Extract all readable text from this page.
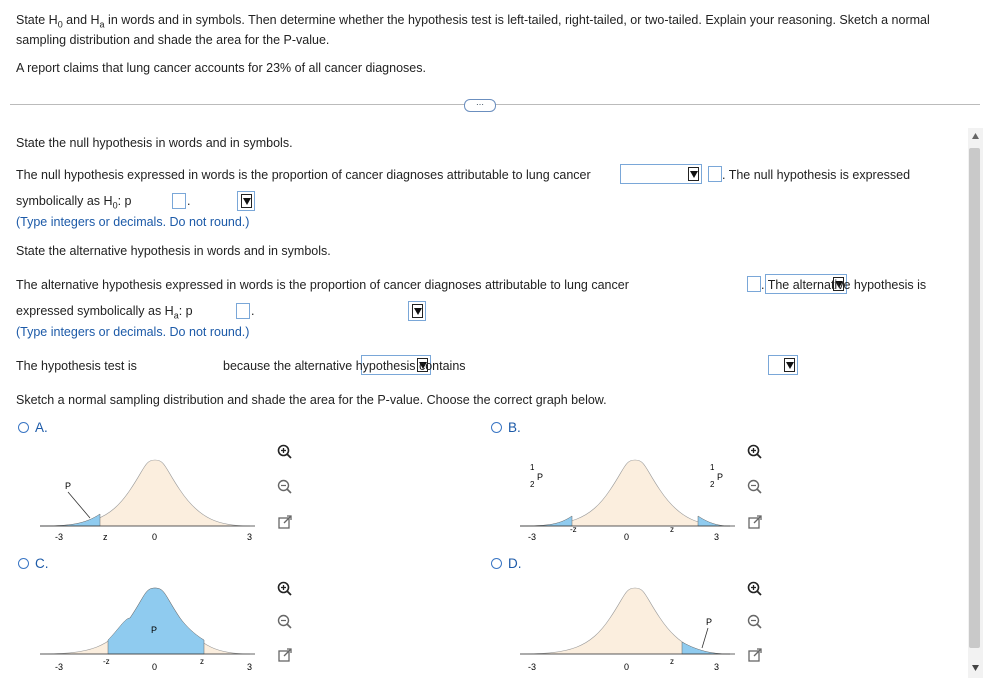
State $H_0$ and $H_a$ in words and in symbols. Then determine whether the hypothesis test is left-tailed, right-tailed, or two-tailed. Explain your reasoning. Sketch a normal
sampling distribution and shade the area for the P-value.
A report claims that lung cancer accounts for 23% of all cancer diagnoses.
⋯
State the null hypothesis in words and in symbols.
The null hypothesis expressed in words is the proportion of cancer diagnoses attributable to lung cancer
	. The null hypothesis is expressed
symbolically as $H_0$: p
	.
(Type integers or decimals. Do not round.)
State the alternative hypothesis in words and in symbols.
The alternative hypothesis expressed in words is the proportion of cancer diagnoses attributable to lung cancer
	. The alternative hypothesis is
expressed symbolically as $H_a$: p
	.
(Type integers or decimals. Do not round.)
The hypothesis test is
	because the alternative hypothesis contains
Sketch a normal sampling distribution and shade the area for the P-value. Choose the correct graph below.
A.	B.
C.	D.
P
-3	z	0	3
1
2
P
1
2
P
-3
-z
0
z
3
P
-3
-z
0
z
3
P
-3	0
z
3
